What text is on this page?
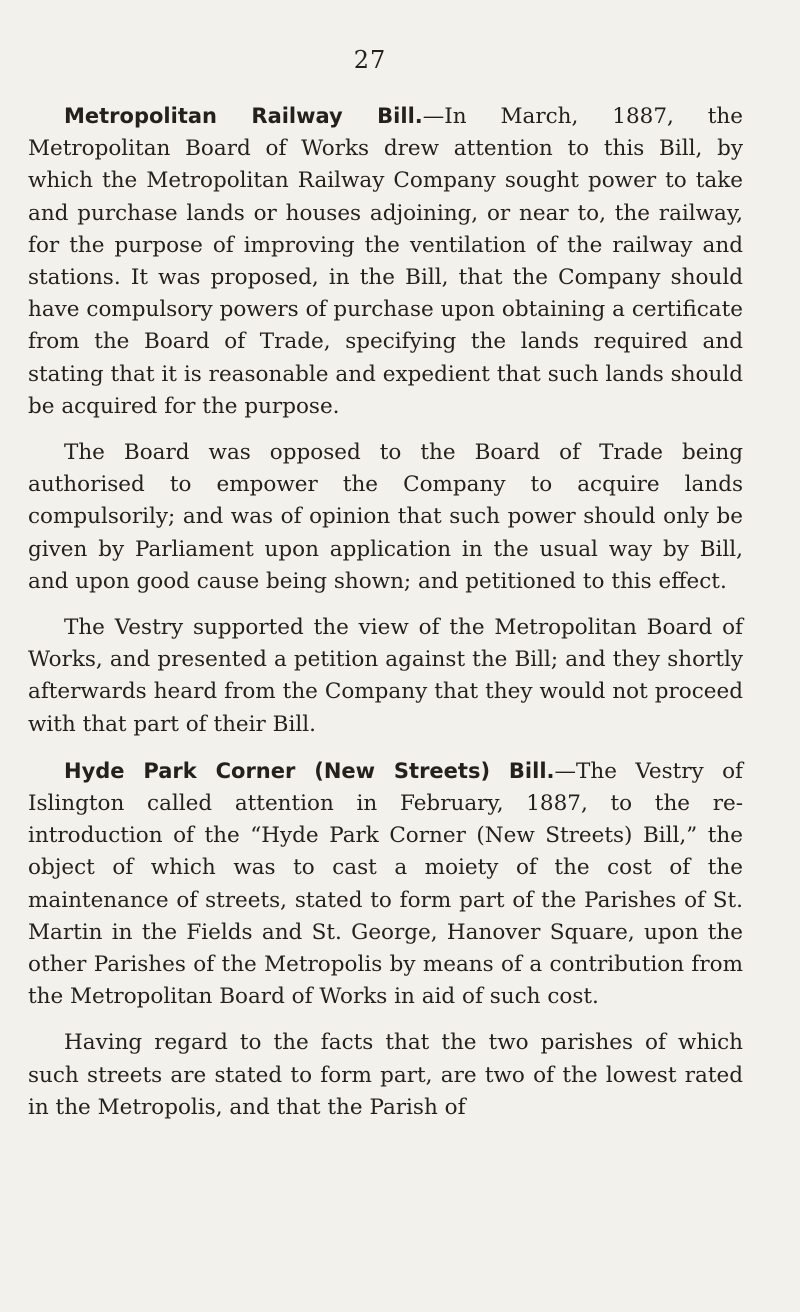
27

Metropolitan Railway Bill.—In March, 1887, the Metropolitan Board of Works drew attention to this Bill, by which the Metropolitan Railway Company sought power to take and purchase lands or houses adjoining, or near to, the railway, for the purpose of improving the ventilation of the railway and stations. It was proposed, in the Bill, that the Company should have compulsory powers of purchase upon obtaining a certificate from the Board of Trade, specifying the lands required and stating that it is reasonable and expedient that such lands should be acquired for the purpose.

The Board was opposed to the Board of Trade being authorised to empower the Company to acquire lands compulsorily; and was of opinion that such power should only be given by Parliament upon application in the usual way by Bill, and upon good cause being shown; and petitioned to this effect.

The Vestry supported the view of the Metropolitan Board of Works, and presented a petition against the Bill; and they shortly afterwards heard from the Company that they would not proceed with that part of their Bill.

Hyde Park Corner (New Streets) Bill.—The Vestry of Islington called attention in February, 1887, to the reintroduction of the “Hyde Park Corner (New Streets) Bill,” the object of which was to cast a moiety of the cost of the maintenance of streets, stated to form part of the Parishes of St. Martin in the Fields and St. George, Hanover Square, upon the other Parishes of the Metropolis by means of a contribution from the Metropolitan Board of Works in aid of such cost.

Having regard to the facts that the two parishes of which such streets are stated to form part, are two of the lowest rated in the Metropolis, and that the Parish of
